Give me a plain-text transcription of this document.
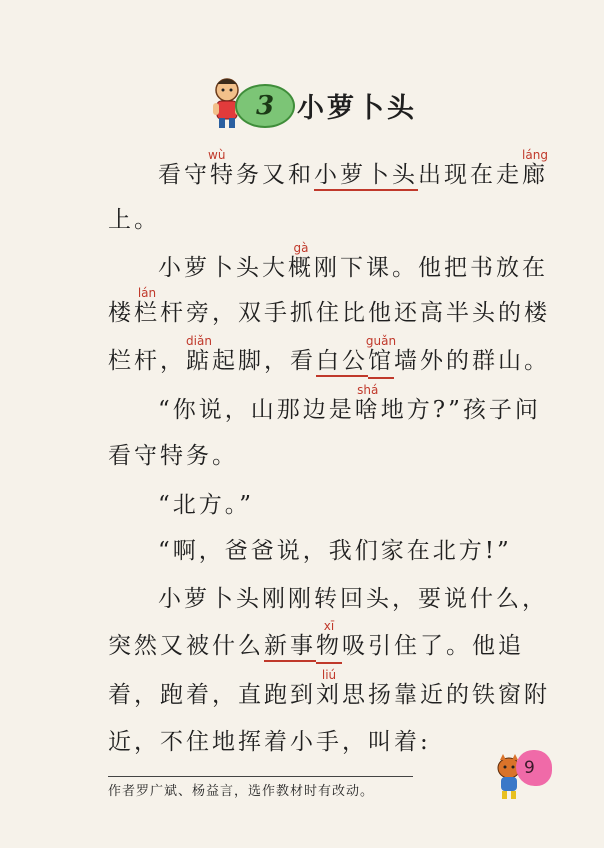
3 小萝卜头
看守特务又和小萝卜头出现在走
láng
廊
wù
上。
小萝卜头大
gà
概刚下课。他把书放在
楼
lán
栏杆旁，双手抓住比他还高半头的楼
栏杆，
diǎn
踮起脚，看白公
guǎn
馆墙外的群山。
“你说，山那边是
shá
啥地方?”孩子问
看守特务。
“北方。”
“啊，爸爸说，我们家在北方!”
小萝卜头刚刚转回头，要说什么，
突然又被什么新事
xī
物吸引住了。他追
着，跑着，直跑到
liú
刘思扬靠近的铁窗附
近，不住地挥着小手，叫着:
作者罗广斌、杨益言，选作教材时有改动。
9
